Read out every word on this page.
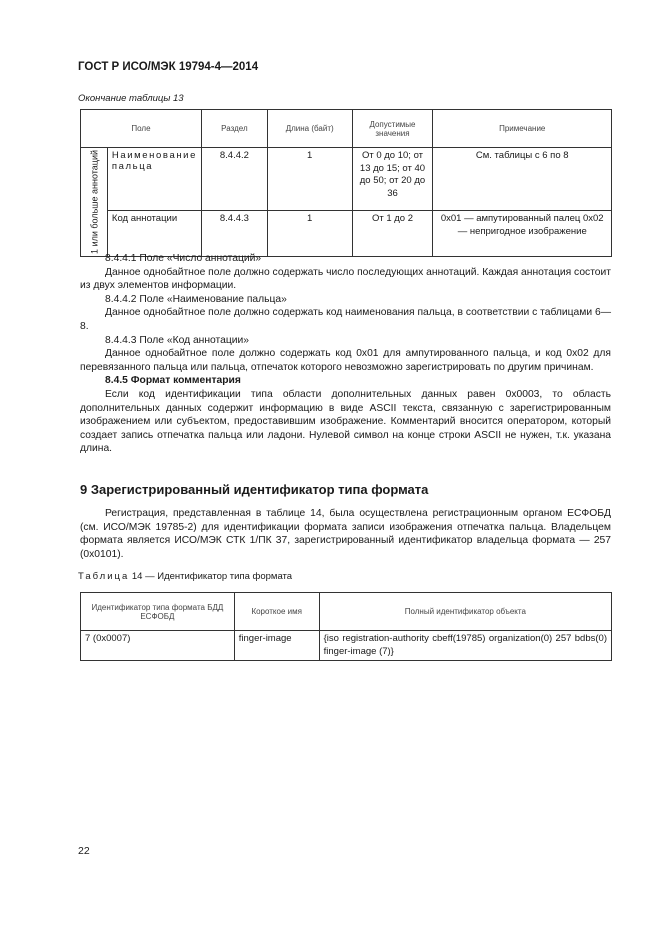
ГОСТ Р ИСО/МЭК 19794-4—2014
Окончание таблицы 13
Поле		Раздел	Длина (байт)	Допустимые значения	Примечание
1 или больше аннотаций	Наименование пальца	8.4.4.2	1	От 0 до 10; от 13 до 15; от 40 до 50; от 20 до 36	См. таблицы с 6 по 8
	Код аннотации	8.4.4.3	1	От 1 до 2	0x01 — ампутированный палец 0x02 — непригодное изображение

8.4.4.1 Поле «Число аннотаций»

Данное однобайтное поле должно содержать число последующих аннотаций. Каждая аннотация состоит из двух элементов информации.

8.4.4.2 Поле «Наименование пальца»

Данное однобайтное поле должно содержать код наименования пальца, в соответствии с таблицами 6—8.

8.4.4.3 Поле «Код аннотации»

Данное однобайтное поле должно содержать код 0x01 для ампутированного пальца, и код 0x02 для перевязанного пальца или пальца, отпечаток которого невозможно зарегистрировать по другим причинам.

8.4.5 Формат комментария

Если код идентификации типа области дополнительных данных равен 0x0003, то область дополнительных данных содержит информацию в виде ASCII текста, связанную с зарегистрированным изображением или субъектом, предоставившим изображение. Комментарий вносится оператором, который создает запись отпечатка пальца или ладони. Нулевой символ на конце строки ASCII не нужен, т.к. указана длина.

9 Зарегистрированный идентификатор типа формата

Регистрация, представленная в таблице 14, была осуществлена регистрационным органом ЕСФОБД (см. ИСО/МЭК 19785-2) для идентификации формата записи изображения отпечатка пальца. Владельцем формата является ИСО/МЭК СТК 1/ПК 37, зарегистрированный идентификатор владельца формата — 257 (0x0101).

Таблица 14 — Идентификатор типа формата
Идентификатор типа формата БДД ЕСФОБД	Короткое имя	Полный идентификатор объекта
7 (0x0007)	finger-image	{iso registration-authority cbeff(19785) organization(0) 257 bdbs(0) finger-image (7)}
22
